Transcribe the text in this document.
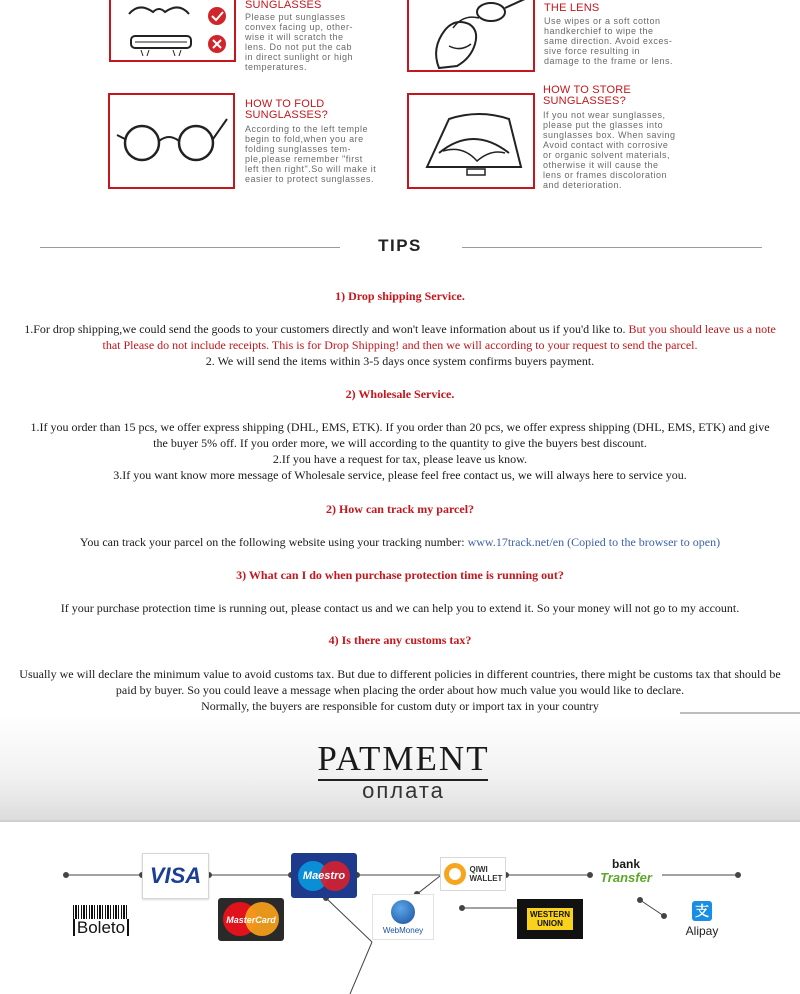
SUNGLASSES
Please put sunglasses
convex facing up, other-
wise it will scratch the
lens. Do not put the cab
in direct sunlight or high
temperatures.
THE LENS
Use wipes or a soft cotton
handkerchief to wipe the
same direction. Avoid exces-
sive force resulting in
damage to the frame or lens.
HOW TO FOLD
SUNGLASSES?
According to the left temple
begin to fold,when you are
folding sunglasses tem-
ple,please remember "first
left then right".So will make it
easier to protect sunglasses.
HOW TO STORE
SUNGLASSES?
If you not wear sunglasses,
please put the glasses into
sunglasses box. When saving
Avoid contact with corrosive
or organic solvent materials,
otherwise it will cause the
lens or frames discoloration
and deterioration.
TIPS
1) Drop shipping Service.
1.For drop shipping,we could send the goods to your customers directly and won't leave information about us if you'd like to. But you should leave us a note
that Please do not include receipts. This is for Drop Shipping! and then we will according to your request to send the parcel.
2. We will send the items within 3-5 days once system confirms buyers payment.
2) Wholesale Service.
1.If you order than 15 pcs, we offer express shipping (DHL, EMS, ETK). If you order than 20 pcs, we offer express shipping (DHL, EMS, ETK) and give
the buyer 5% off. If you order more, we will according to the quantity to give the buyers best discount.
2.If you have a request for tax, please leave us know.
3.If you want know more message of Wholesale service, please feel free contact us, we will always here to service you.
2) How can track my parcel?
You can track your parcel on the following website using your tracking number: www.17track.net/en (Copied to the browser to open)
3) What can I do when purchase protection time is running out?
If your purchase protection time is running out, please contact us and we can help you to extend it. So your money will not go to my account.
4) Is there any customs tax?
Usually we will declare the minimum value to avoid customs tax. But due to different policies in different countries, there might be customs tax that should be
paid by buyer. So you could leave a message when placing the order about how much value you would like to declare.
Normally, the buyers are responsible for custom duty or import tax in your country
PATMENT
оплата
VISA	Maestro
MasterCard
Boleto	WebMoney
QIWI
WALLET
WESTERN
UNION
bank
Transfer
支
Alipay
